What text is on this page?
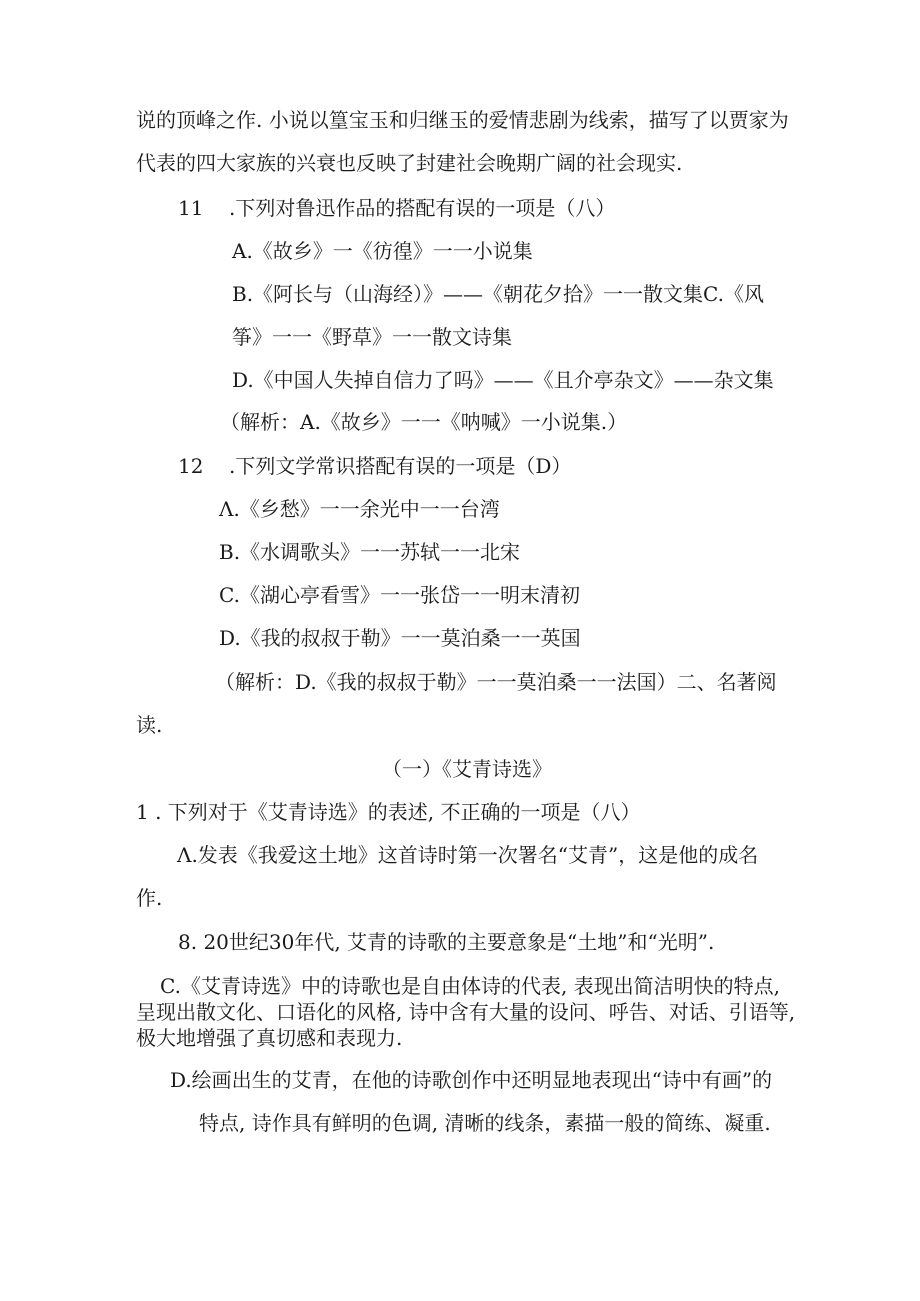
说的顶峰之作. 小说以篁宝玉和归继玉的爱情悲剧为线索，描写了以贾家为

代表的四大家族的兴衰也反映了封建社会晚期广阔的社会现实.

11 .下列对鲁迅作品的搭配有误的一项是（八）

A.《故乡》一《彷徨》一一小说集

B.《阿长与（山海经）》——《朝花夕拾》一一散文集C.《风

筝》一一《野草》一一散文诗集

D.《中国人失掉自信力了吗》——《且介亭杂文》——杂文集

（解析：A.《故乡》一一《呐喊》一小说集.）

12 .下列文学常识搭配有误的一项是（D）

Λ.《乡愁》一一余光中一一台湾

B.《水调歌头》一一苏轼一一北宋

C.《湖心亭看雪》一一张岱一一明末清初

D.《我的叔叔于勒》一一莫泊桑一一英国

（解析：D.《我的叔叔于勒》一一莫泊桑一一法国）二、名著阅

读.

（一）《艾青诗选》

1 . 下列对于《艾青诗选》的表述, 不正确的一项是（八）

Λ.发表《我爱这土地》这首诗时第一次署名“艾青”，这是他的成名

作.

8. 20世纪30年代, 艾青的诗歌的主要意象是“土地”和“光明”.

C.《艾青诗选》中的诗歌也是自由体诗的代表, 表现出简洁明快的特点,

呈现出散文化、口语化的风格, 诗中含有大量的设问、呼告、对话、引语等,

极大地增强了真切感和表现力.

D.绘画出生的艾青，在他的诗歌创作中还明显地表现出“诗中有画”的

特点, 诗作具有鲜明的色调, 清晰的线条，素描一般的简练、凝重.
